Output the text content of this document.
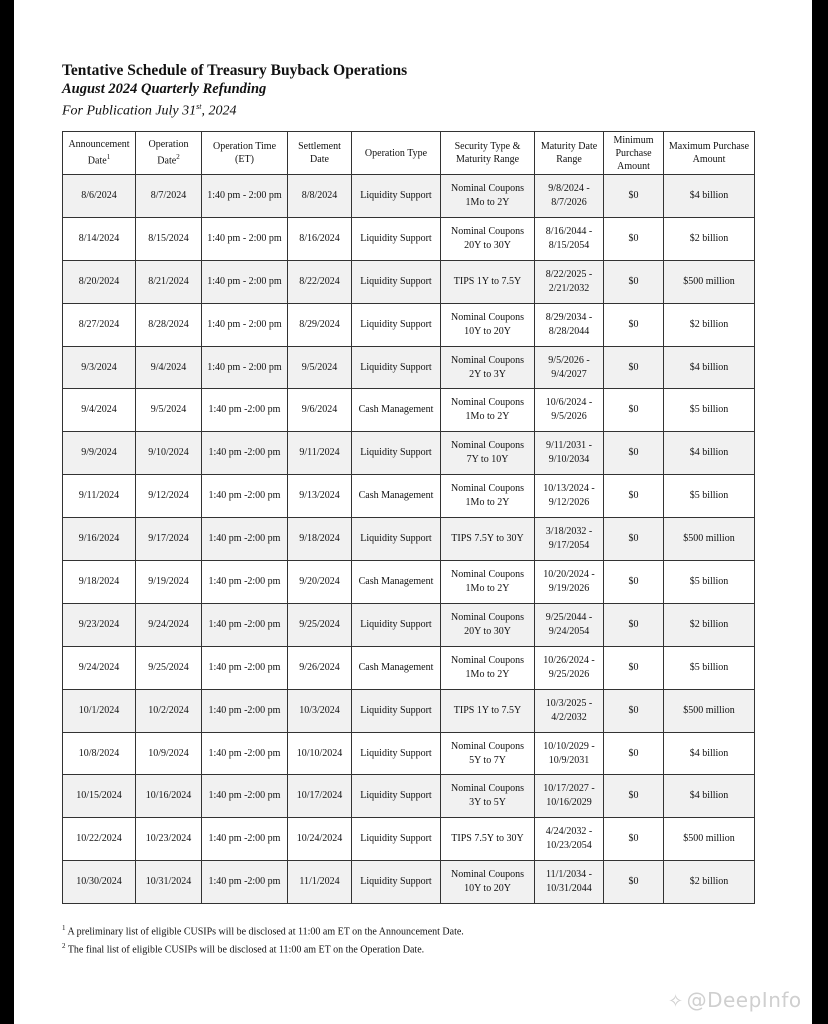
Tentative Schedule of Treasury Buyback Operations

August 2024 Quarterly Refunding

For Publication July 31st, 2024

Announcement Date$^1$	Operation Date$^2$	Operation Time (ET)	Settlement Date	Operation Type	Security Type & Maturity Range	Maturity Date Range	Minimum Purchase Amount	Maximum Purchase Amount
8/6/2024	8/7/2024	1:40 pm - 2:00 pm	8/8/2024	Liquidity Support	Nominal Coupons 1Mo to 2Y	9/8/2024 - 8/7/2026	$0	$4 billion
8/14/2024	8/15/2024	1:40 pm - 2:00 pm	8/16/2024	Liquidity Support	Nominal Coupons 20Y to 30Y	8/16/2044 - 8/15/2054	$0	$2 billion
8/20/2024	8/21/2024	1:40 pm - 2:00 pm	8/22/2024	Liquidity Support	TIPS 1Y to 7.5Y	8/22/2025 - 2/21/2032	$0	$500 million
8/27/2024	8/28/2024	1:40 pm - 2:00 pm	8/29/2024	Liquidity Support	Nominal Coupons 10Y to 20Y	8/29/2034 - 8/28/2044	$0	$2 billion
9/3/2024	9/4/2024	1:40 pm - 2:00 pm	9/5/2024	Liquidity Support	Nominal Coupons 2Y to 3Y	9/5/2026 - 9/4/2027	$0	$4 billion
9/4/2024	9/5/2024	1:40 pm -2:00 pm	9/6/2024	Cash Management	Nominal Coupons 1Mo to 2Y	10/6/2024 - 9/5/2026	$0	$5 billion
9/9/2024	9/10/2024	1:40 pm -2:00 pm	9/11/2024	Liquidity Support	Nominal Coupons 7Y to 10Y	9/11/2031 - 9/10/2034	$0	$4 billion
9/11/2024	9/12/2024	1:40 pm -2:00 pm	9/13/2024	Cash Management	Nominal Coupons 1Mo to 2Y	10/13/2024 - 9/12/2026	$0	$5 billion
9/16/2024	9/17/2024	1:40 pm -2:00 pm	9/18/2024	Liquidity Support	TIPS 7.5Y to 30Y	3/18/2032 - 9/17/2054	$0	$500 million
9/18/2024	9/19/2024	1:40 pm -2:00 pm	9/20/2024	Cash Management	Nominal Coupons 1Mo to 2Y	10/20/2024 - 9/19/2026	$0	$5 billion
9/23/2024	9/24/2024	1:40 pm -2:00 pm	9/25/2024	Liquidity Support	Nominal Coupons 20Y to 30Y	9/25/2044 - 9/24/2054	$0	$2 billion
9/24/2024	9/25/2024	1:40 pm -2:00 pm	9/26/2024	Cash Management	Nominal Coupons 1Mo to 2Y	10/26/2024 - 9/25/2026	$0	$5 billion
10/1/2024	10/2/2024	1:40 pm -2:00 pm	10/3/2024	Liquidity Support	TIPS 1Y to 7.5Y	10/3/2025 - 4/2/2032	$0	$500 million
10/8/2024	10/9/2024	1:40 pm -2:00 pm	10/10/2024	Liquidity Support	Nominal Coupons 5Y to 7Y	10/10/2029 - 10/9/2031	$0	$4 billion
10/15/2024	10/16/2024	1:40 pm -2:00 pm	10/17/2024	Liquidity Support	Nominal Coupons 3Y to 5Y	10/17/2027 - 10/16/2029	$0	$4 billion
10/22/2024	10/23/2024	1:40 pm -2:00 pm	10/24/2024	Liquidity Support	TIPS 7.5Y to 30Y	4/24/2032 - 10/23/2054	$0	$500 million
10/30/2024	10/31/2024	1:40 pm -2:00 pm	11/1/2024	Liquidity Support	Nominal Coupons 10Y to 20Y	11/1/2034 - 10/31/2044	$0	$2 billion

$^1$ A preliminary list of eligible CUSIPs will be disclosed at 11:00 am ET on the Announcement Date.

$^2$ The final list of eligible CUSIPs will be disclosed at 11:00 am ET on the Operation Date.

✧ @DeepInfo
